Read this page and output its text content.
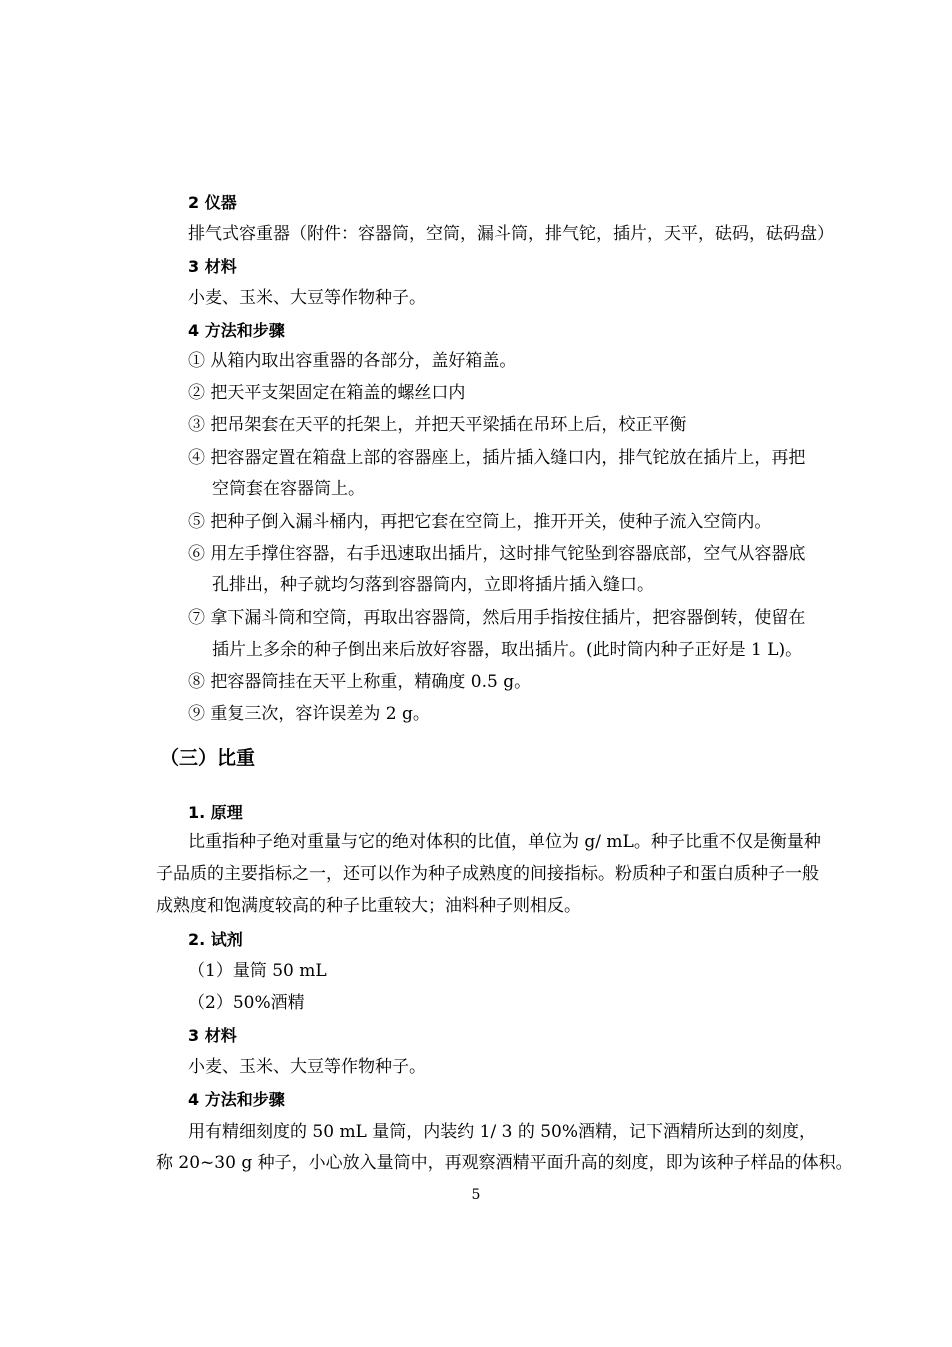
2 仪器
排气式容重器（附件：容器筒，空筒，漏斗筒，排气铊，插片，天平，砝码，砝码盘）
3 材料
小麦、玉米、大豆等作物种子。
4 方法和步骤
① 从箱内取出容重器的各部分，盖好箱盖。
② 把天平支架固定在箱盖的螺丝口内
③ 把吊架套在天平的托架上，并把天平梁插在吊环上后，校正平衡
④ 把容器定置在箱盘上部的容器座上，插片插入缝口内，排气铊放在插片上，再把
空筒套在容器筒上。
⑤ 把种子倒入漏斗桶内，再把它套在空筒上，推开开关，使种子流入空筒内。
⑥ 用左手撑住容器，右手迅速取出插片，这时排气铊坠到容器底部，空气从容器底
孔排出，种子就均匀落到容器筒内，立即将插片插入缝口。
⑦ 拿下漏斗筒和空筒，再取出容器筒，然后用手指按住插片，把容器倒转，使留在
插片上多余的种子倒出来后放好容器，取出插片。(此时筒内种子正好是 1 L)。
⑧ 把容器筒挂在天平上称重，精确度 0.5 g。
⑨ 重复三次，容许误差为 2 g。
（三）比重
1. 原理
比重指种子绝对重量与它的绝对体积的比值，单位为 g/ mL。种子比重不仅是衡量种
子品质的主要指标之一，还可以作为种子成熟度的间接指标。粉质种子和蛋白质种子一般
成熟度和饱满度较高的种子比重较大；油料种子则相反。
2. 试剂
（1）量筒 50 mL
（2）50%酒精
3 材料
小麦、玉米、大豆等作物种子。
4 方法和步骤
用有精细刻度的 50 mL 量筒，内装约 1/ 3 的 50%酒精，记下酒精所达到的刻度，
称 20~30 g 种子，小心放入量筒中，再观察酒精平面升高的刻度，即为该种子样品的体积。
5
